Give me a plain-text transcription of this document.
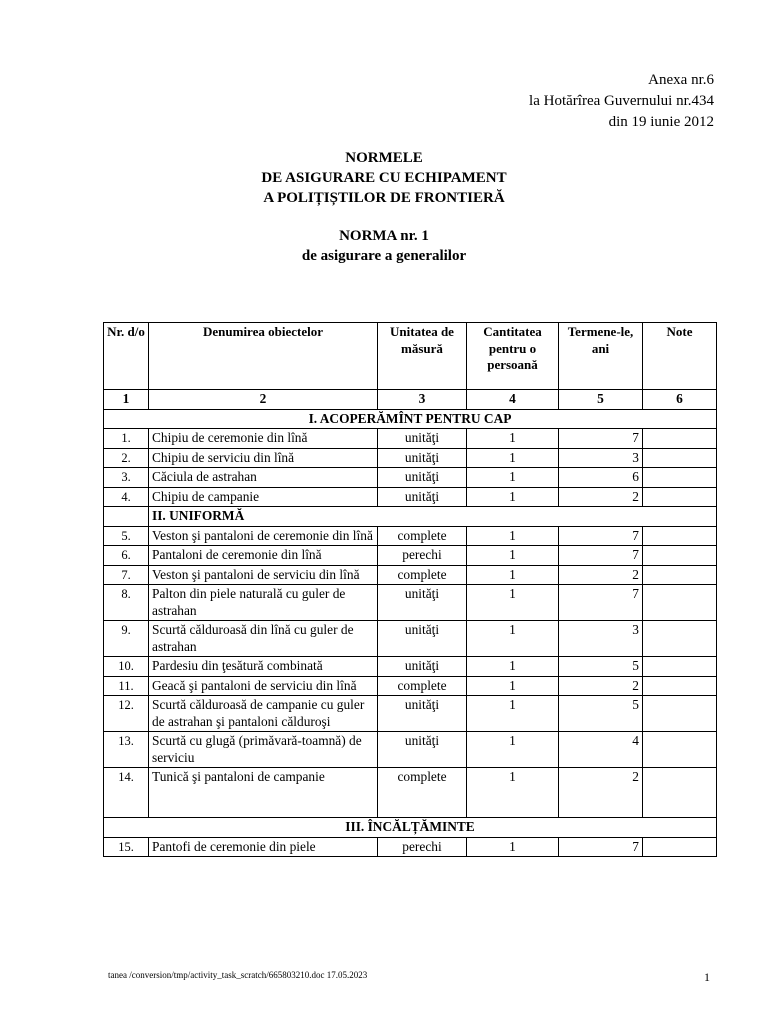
Anexa nr.6
la Hotărîrea Guvernului nr.434
din 19 iunie 2012
NORMELE
DE ASIGURARE CU ECHIPAMENT
A POLIȚIȘTILOR DE FRONTIERĂ
NORMA nr. 1
de asigurare a generalilor
Nr. d/o	Denumirea obiectelor	Unitatea de măsură	Cantitatea pentru o persoană	Termene-le, ani	Note
1	2	3	4	5	6
I. ACOPERĂMÎNT PENTRU CAP					
1.	Chipiu de ceremonie din lînă	unităţi	1	7	
2.	Chipiu de serviciu din lînă	unităţi	1	3	
3.	Căciula de astrahan	unităţi	1	6	
4.	Chipiu de campanie	unităţi	1	2	
	II. UNIFORMĂ				
5.	Veston şi pantaloni de ceremonie din lînă	complete	1	7	
6.	Pantaloni de ceremonie din lînă	perechi	1	7	
7.	Veston şi pantaloni de serviciu din lînă	complete	1	2	
8.	Palton din piele naturală cu guler de astrahan	unităţi	1	7	
9.	Scurtă călduroasă din lînă cu guler de astrahan	unităţi	1	3	
10.	Pardesiu din ţesătură combinată	unităţi	1	5	
11.	Geacă şi pantaloni de serviciu din lînă	complete	1	2	
12.	Scurtă călduroasă de campanie cu guler de astrahan şi pantaloni călduroşi	unităţi	1	5	
13.	Scurtă cu glugă (primăvară-toamnă) de serviciu	unităţi	1	4	
14.	Tunică şi pantaloni de campanie	complete	1	2	
III. ÎNCĂLȚĂMINTE					
15.	Pantofi de ceremonie din piele	perechi	1	7	
tanea /conversion/tmp/activity_task_scratch/665803210.doc 17.05.2023	1
